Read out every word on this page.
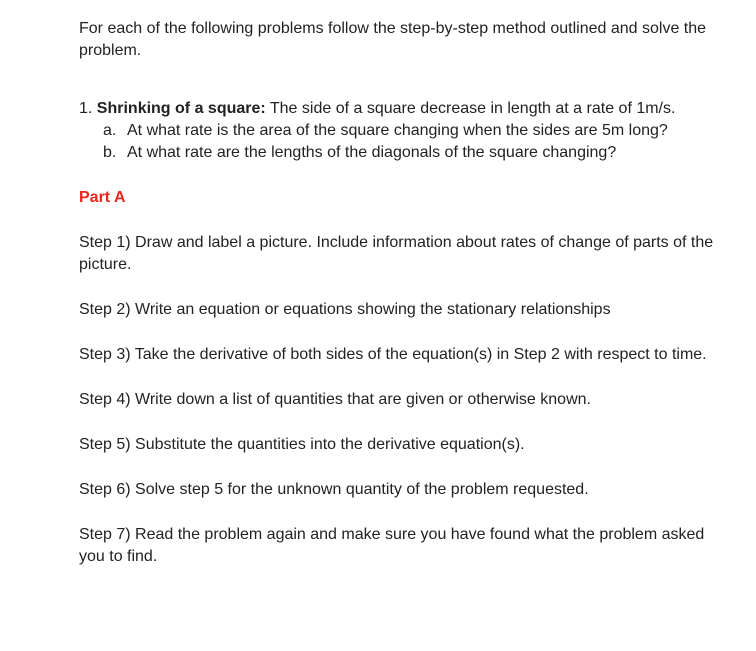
For each of the following problems follow the step-by-step method outlined and solve the problem.

1. Shrinking of a square: The side of a square decrease in length at a rate of 1m/s.

a. At what rate is the area of the square changing when the sides are 5m long?
b. At what rate are the lengths of the diagonals of the square changing?

Part A

Step 1) Draw and label a picture. Include information about rates of change of parts of the picture.

Step 2) Write an equation or equations showing the stationary relationships

Step 3) Take the derivative of both sides of the equation(s) in Step 2 with respect to time.

Step 4) Write down a list of quantities that are given or otherwise known.

Step 5) Substitute the quantities into the derivative equation(s).

Step 6) Solve step 5 for the unknown quantity of the problem requested.

Step 7) Read the problem again and make sure you have found what the problem asked you to find.
